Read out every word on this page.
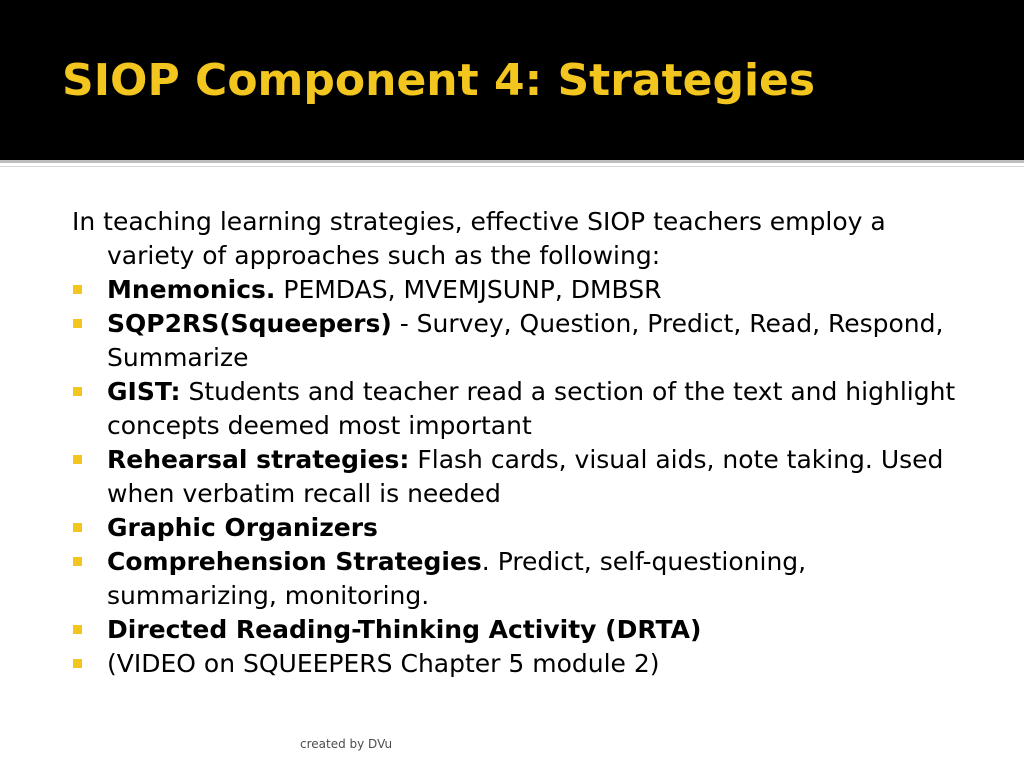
SIOP Component 4: Strategies

In teaching learning strategies, effective SIOP teachers employ a variety of approaches such as the following:

Mnemonics. PEMDAS, MVEMJSUNP, DMBSR
SQP2RS(Squeepers) - Survey, Question, Predict, Read, Respond, Summarize
GIST: Students and teacher read a section of the text and highlight concepts deemed most important
Rehearsal strategies: Flash cards, visual aids, note taking. Used when verbatim recall is needed
Graphic Organizers
Comprehension Strategies. Predict, self-questioning, summarizing, monitoring.
Directed Reading-Thinking Activity (DRTA)
(VIDEO on SQUEEPERS Chapter 5 module 2)
created by DVu
